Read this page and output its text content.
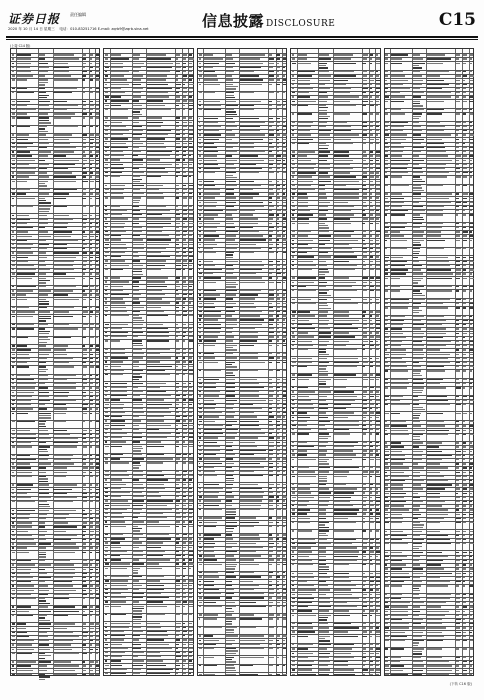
证券日报 责任编辑
2020 年 10 月 14 日 星期三 电话：010-83251716 E-mail: zqrb9@zqrb.sina.net	信息披露 DISCLOSURE	C15
(上接 C14 版)
(下转 C16 版)
